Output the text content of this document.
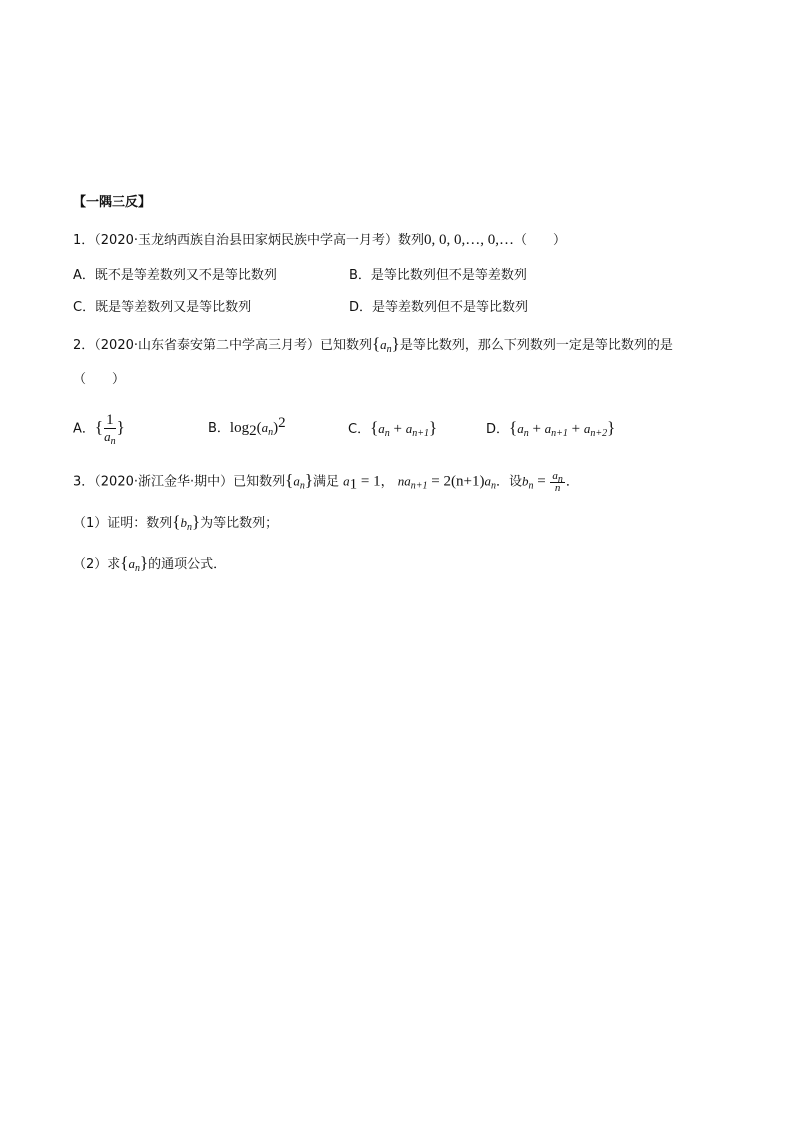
【一隅三反】
1．（2020·玉龙纳西族自治县田家炳民族中学高一月考）数列0, 0, 0,…, 0,…（　　）
A．既不是等差数列又不是等比数列	B．是等比数列但不是等差数列
C．既是等差数列又是等比数列	D．是等差数列但不是等比数列
2．（2020·山东省泰安第二中学高三月考）已知数列$\{a_n\}$是等比数列，那么下列数列一定是等比数列的是
（　　）
A．{ $\frac{1}{a_n}$ }	B．$\log_2(a_n)^2$	C．$\{a_n + a_{n+1}\}$	D．$\{a_n + a_{n+1} + a_{n+2}\}$
3．（2020·浙江金华·期中）已知数列$\{a_n\}$满足 $a_1 = 1$， $na_{n+1} = 2(n+1)a_n$．设$b_n = \frac{a_n}{n}$ ．
（1）证明：数列$\{b_n\}$为等比数列；
（2）求$\{a_n\}$的通项公式．
